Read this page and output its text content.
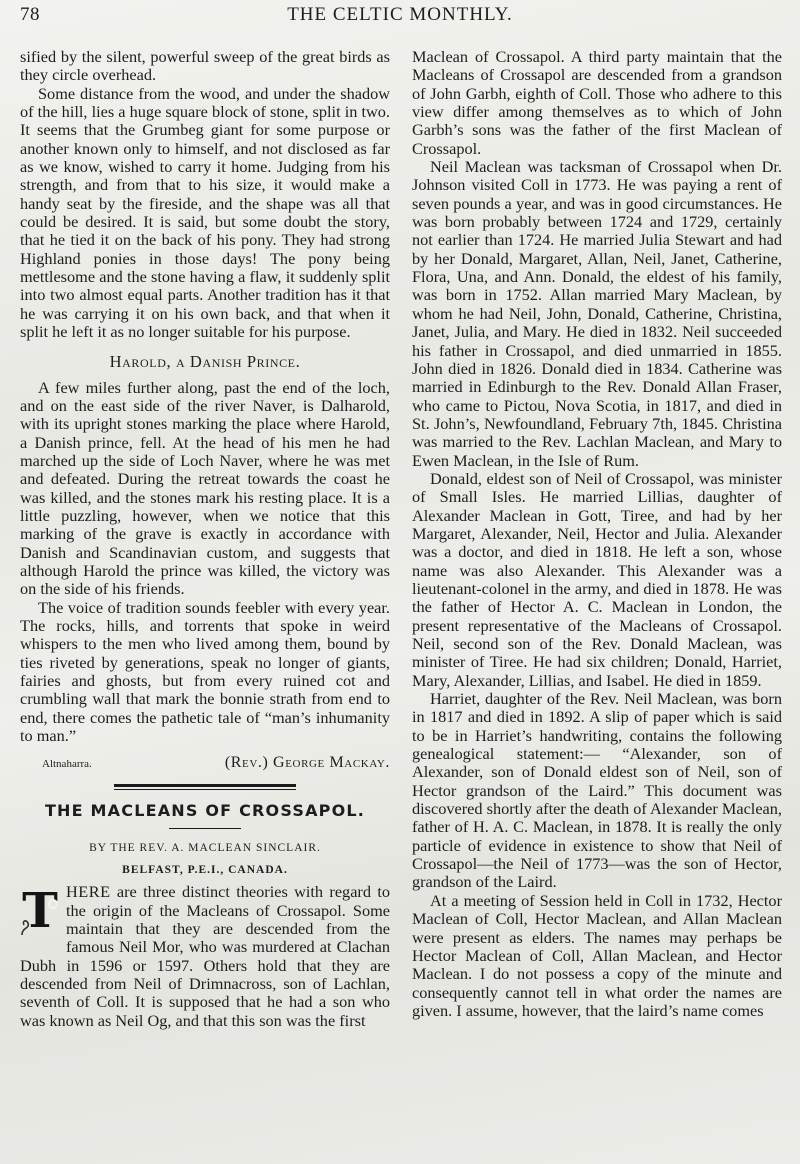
78	THE CELTIC MONTHLY.

sified by the silent, powerful sweep of the great birds as they circle overhead.

Some distance from the wood, and under the shadow of the hill, lies a huge square block of stone, split in two. It seems that the Grumbeg giant for some purpose or another known only to himself, and not disclosed as far as we know, wished to carry it home. Judging from his strength, and from that to his size, it would make a handy seat by the fireside, and the shape was all that could be desired. It is said, but some doubt the story, that he tied it on the back of his pony. They had strong Highland ponies in those days! The pony being mettlesome and the stone having a flaw, it suddenly split into two almost equal parts. Another tradition has it that he was carrying it on his own back, and that when it split he left it as no longer suitable for his purpose.

Harold, a Danish Prince.

A few miles further along, past the end of the loch, and on the east side of the river Naver, is Dalharold, with its upright stones marking the place where Harold, a Danish prince, fell. At the head of his men he had marched up the side of Loch Naver, where he was met and defeated. During the retreat towards the coast he was killed, and the stones mark his resting place. It is a little puzzling, however, when we notice that this marking of the grave is exactly in accordance with Danish and Scandinavian custom, and suggests that although Harold the prince was killed, the victory was on the side of his friends.

The voice of tradition sounds feebler with every year. The rocks, hills, and torrents that spoke in weird whispers to the men who lived among them, bound by ties riveted by generations, speak no longer of giants, fairies and ghosts, but from every ruined cot and crumbling wall that mark the bonnie strath from end to end, there comes the pathetic tale of “man’s inhumanity to man.”

Altnaharra.	(Rev.) George Mackay.
THE MACLEANS OF CROSSAPOL.
BY THE REV. A. MACLEAN SINCLAIR.
BELFAST, P.E.I., CANADA.
T HERE are three distinct theories with regard to the origin of the Macleans of Crossapol. Some maintain that they are descended from the famous Neil Mor, who was murdered at Clachan Dubh in 1596 or 1597. Others hold that they are descended from Neil of Drimnacross, son of Lachlan, seventh of Coll. It is supposed that he had a son who was known as Neil Og, and that this son was the first

Maclean of Crossapol. A third party maintain that the Macleans of Crossapol are descended from a grandson of John Garbh, eighth of Coll. Those who adhere to this view differ among themselves as to which of John Garbh’s sons was the father of the first Maclean of Crossapol.

Neil Maclean was tacksman of Crossapol when Dr. Johnson visited Coll in 1773. He was paying a rent of seven pounds a year, and was in good circumstances. He was born probably between 1724 and 1729, certainly not earlier than 1724. He married Julia Stewart and had by her Donald, Margaret, Allan, Neil, Janet, Catherine, Flora, Una, and Ann. Donald, the eldest of his family, was born in 1752. Allan married Mary Maclean, by whom he had Neil, John, Donald, Catherine, Christina, Janet, Julia, and Mary. He died in 1832. Neil succeeded his father in Crossapol, and died unmarried in 1855. John died in 1826. Donald died in 1834. Catherine was married in Edinburgh to the Rev. Donald Allan Fraser, who came to Pictou, Nova Scotia, in 1817, and died in St. John’s, Newfoundland, February 7th, 1845. Christina was married to the Rev. Lachlan Maclean, and Mary to Ewen Maclean, in the Isle of Rum.

Donald, eldest son of Neil of Crossapol, was minister of Small Isles. He married Lillias, daughter of Alexander Maclean in Gott, Tiree, and had by her Margaret, Alexander, Neil, Hector and Julia. Alexander was a doctor, and died in 1818. He left a son, whose name was also Alexander. This Alexander was a lieutenant-colonel in the army, and died in 1878. He was the father of Hector A. C. Maclean in London, the present representative of the Macleans of Crossapol. Neil, second son of the Rev. Donald Maclean, was minister of Tiree. He had six children; Donald, Harriet, Mary, Alexander, Lillias, and Isabel. He died in 1859.

Harriet, daughter of the Rev. Neil Maclean, was born in 1817 and died in 1892. A slip of paper which is said to be in Harriet’s handwriting, contains the following genealogical statement:— “Alexander, son of Alexander, son of Donald eldest son of Neil, son of Hector grandson of the Laird.” This document was discovered shortly after the death of Alexander Maclean, father of H. A. C. Maclean, in 1878. It is really the only particle of evidence in existence to show that Neil of Crossapol—the Neil of 1773—was the son of Hector, grandson of the Laird.

At a meeting of Session held in Coll in 1732, Hector Maclean of Coll, Hector Maclean, and Allan Maclean were present as elders. The names may perhaps be Hector Maclean of Coll, Allan Maclean, and Hector Maclean. I do not possess a copy of the minute and consequently cannot tell in what order the names are given. I assume, however, that the laird’s name comes
